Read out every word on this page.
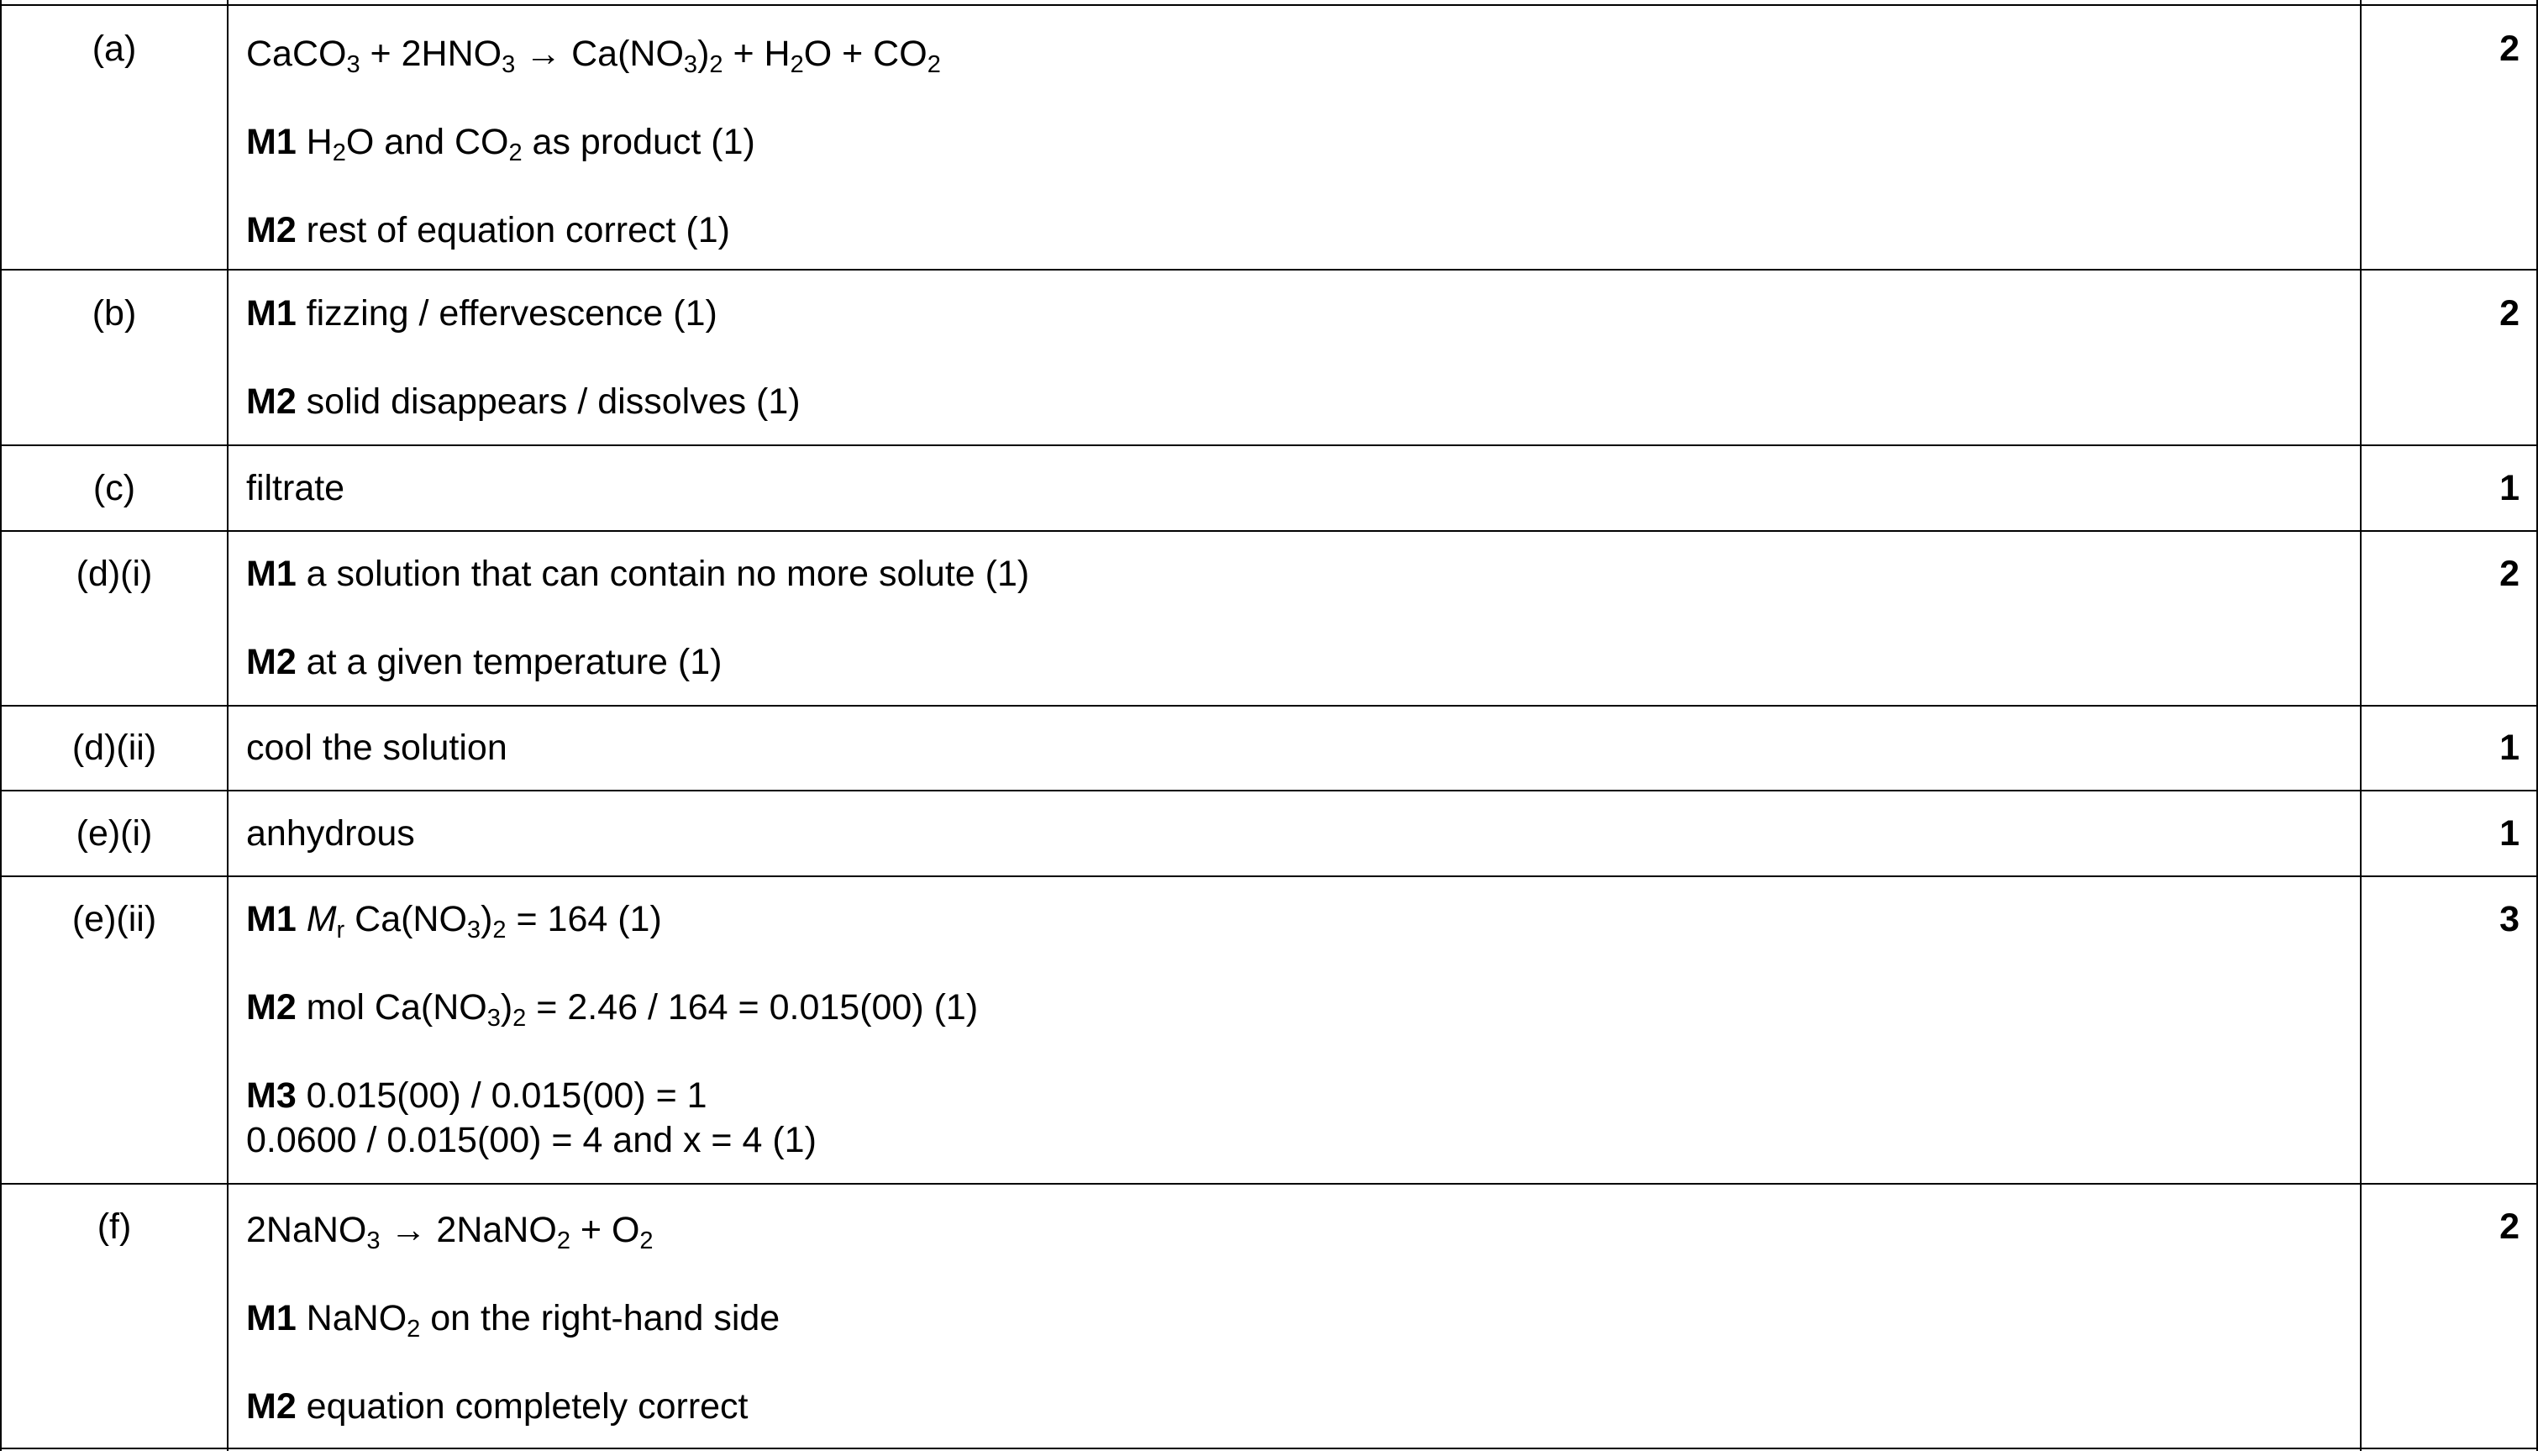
(a)	2
CaCO$_3$ + $2HNO_3 \to Ca(NO_3)_2 + H_2O + CO_2$
M1 $H_2O$ and $CO_2$ as product (1)
M2 rest of equation correct (1)
(b)	2
M1 fizzing / effervescence (1)
M2 solid disappears / dissolves (1)
(c)	1
filtrate
(d)(i)	2
M1 a solution that can contain no more solute (1)
M2 at a given temperature (1)
(d)(ii)	1
cool the solution
(e)(i)	1
anhydrous
(e)(ii)	3
M1 $M_r$ $Ca(NO_3)_2 = 164$ (1)
M2 mol $Ca(NO_3)_2 = 2.46 / 164 = 0.015(00)$ (1)
M3 0.015(00) / 0.015(00) = 1
0.0600 / 0.015(00) = 4 and x = 4 (1)
(f)	2
2NaNO$_3$ → 2NaNO$_2$ + $O_2$
M1 NaNO$_2$ on the right-hand side
M2 equation completely correct
